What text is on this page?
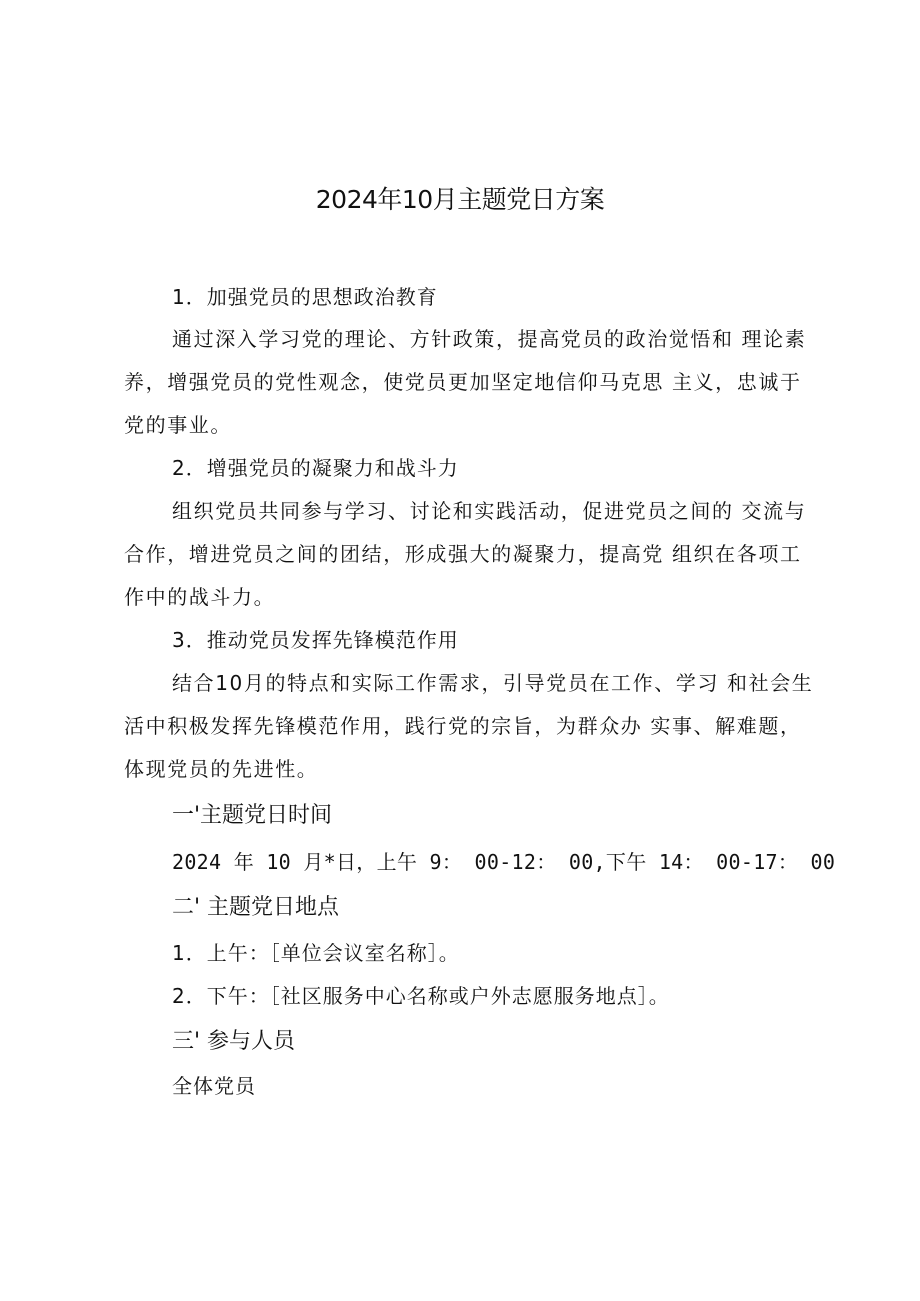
2024年10月主题党日方案
1．加强党员的思想政治教育
通过深入学习党的理论、方针政策，提高党员的政治觉悟和 理论素
养，增强党员的党性观念，使党员更加坚定地信仰马克思 主义，忠诚于
党的事业。
2．增强党员的凝聚力和战斗力
组织党员共同参与学习、讨论和实践活动，促进党员之间的 交流与
合作，增进党员之间的团结，形成强大的凝聚力，提高党 组织在各项工
作中的战斗力。
3．推动党员发挥先锋模范作用
结合10月的特点和实际工作需求，引导党员在工作、学习 和社会生
活中积极发挥先锋模范作用，践行党的宗旨，为群众办 实事、解难题，
体现党员的先进性。
一'主题党日时间
2024 年 10 月*日，上午 9： 00-12： 00,下午 14： 00-17： 00
二' 主题党日地点
1．上午：［单位会议室名称］。
2．下午：［社区服务中心名称或户外志愿服务地点］。
三' 参与人员
全体党员
